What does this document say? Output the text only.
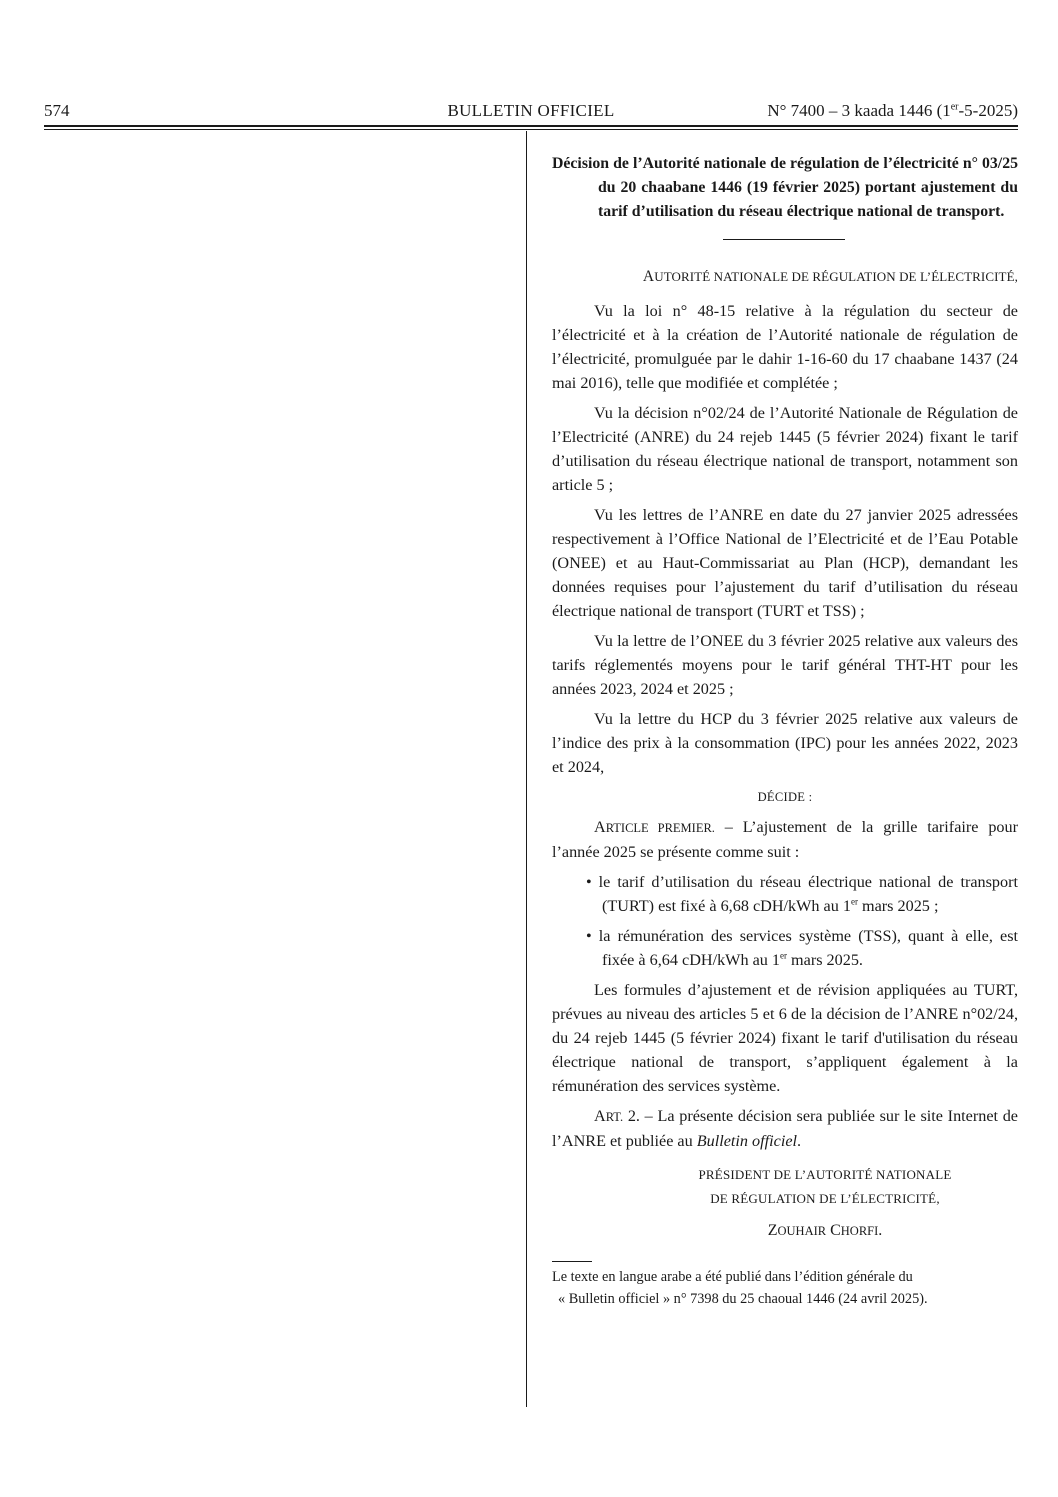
574	BULLETIN OFFICIEL	N° 7400 – 3 kaada 1446 (1er-5-2025)
Décision de l’Autorité nationale de régulation de l’électricité n° 03/25 du 20 chaabane 1446 (19 février 2025) portant ajustement du tarif d’utilisation du réseau électrique national de transport.
AUTORITÉ NATIONALE DE RÉGULATION DE L’ÉLECTRICITÉ,

Vu la loi n° 48-15 relative à la régulation du secteur de l’électricité et à la création de l’Autorité nationale de régulation de l’électricité, promulguée par le dahir 1-16-60 du 17 chaabane 1437 (24 mai 2016), telle que modifiée et complétée ;

Vu la décision n°02/24 de l’Autorité Nationale de Régulation de l’Electricité (ANRE) du 24 rejeb 1445 (5 février 2024) fixant le tarif d’utilisation du réseau électrique national de transport, notamment son article 5 ;

Vu les lettres de l’ANRE en date du 27 janvier 2025 adressées respectivement à l’Office National de l’Electricité et de l’Eau Potable (ONEE) et au Haut-Commissariat au Plan (HCP), demandant les données requises pour l’ajustement du tarif d’utilisation du réseau électrique national de transport (TURT et TSS) ;

Vu la lettre de l’ONEE du 3 février 2025 relative aux valeurs des tarifs réglementés moyens pour le tarif général THT-HT pour les années 2023, 2024 et 2025 ;

Vu la lettre du HCP du 3 février 2025 relative aux valeurs de l’indice des prix à la consommation (IPC) pour les années 2022, 2023 et 2024,

DÉCIDE :

ARTICLE PREMIER. – L’ajustement de la grille tarifaire pour l’année 2025 se présente comme suit :

• le tarif d’utilisation du réseau électrique national de transport (TURT) est fixé à 6,68 cDH/kWh au 1er mars 2025 ;
• la rémunération des services système (TSS), quant à elle, est fixée à 6,64 cDH/kWh au 1er mars 2025.

Les formules d’ajustement et de révision appliquées au TURT, prévues au niveau des articles 5 et 6 de la décision de l’ANRE n°02/24, du 24 rejeb 1445 (5 février 2024) fixant le tarif d'utilisation du réseau électrique national de transport, s’appliquent également à la rémunération des services système.

ART. 2. – La présente décision sera publiée sur le site Internet de l’ANRE et publiée au Bulletin officiel.

PRÉSIDENT DE L’AUTORITÉ NATIONALE
DE RÉGULATION DE L’ÉLECTRICITÉ,
ZOUHAIR CHORFI.
Le texte en langue arabe a été publié dans l’édition générale du
« Bulletin officiel » n° 7398 du 25 chaoual 1446 (24 avril 2025).
